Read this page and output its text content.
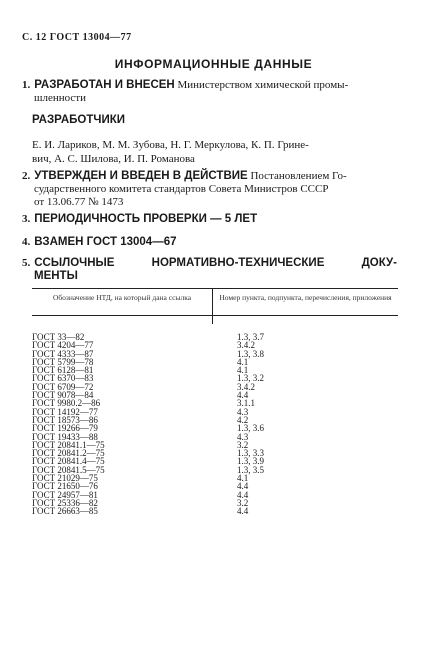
С. 12 ГОСТ 13004—77
ИНФОРМАЦИОННЫЕ ДАННЫЕ
1. РАЗРАБОТАН И ВНЕСЕН Министерством химической промы-
шленности
РАЗРАБОТЧИКИ
Е. И. Лариков, М. М. Зубова, Н. Г. Меркулова, К. П. Грине-
вич, А. С. Шилова, И. П. Романова
2. УТВЕРЖДЕН И ВВЕДЕН В ДЕЙСТВИЕ Постановлением Го-
сударственного комитета стандартов Совета Министров СССР
от 13.06.77 № 1473
3. ПЕРИОДИЧНОСТЬ ПРОВЕРКИ — 5 ЛЕТ
4. ВЗАМЕН ГОСТ 13004—67
5. ССЫЛОЧНЫЕ	НОРМАТИВНО-ТЕХНИЧЕСКИЕ	ДОКУ-
МЕНТЫ
Обозначение НТД, на который дана ссылка	Номер пункта, подпункта, перечисления, приложения
ГОСТ 33—82	1.3, 3.7
ГОСТ 4204—77	3.4.2
ГОСТ 4333—87	1.3, 3.8
ГОСТ 5799—78	4.1
ГОСТ 6128—81	4.1
ГОСТ 6370—83	1.3, 3.2
ГОСТ 6709—72	3.4.2
ГОСТ 9078—84	4.4
ГОСТ 9980.2—86	3.1.1
ГОСТ 14192—77	4.3
ГОСТ 18573—86	4.2
ГОСТ 19266—79	1.3, 3.6
ГОСТ 19433—88	4.3
ГОСТ 20841.1—75	3.2
ГОСТ 20841.2—75	1.3, 3.3
ГОСТ 20841.4—75	1.3, 3.9
ГОСТ 20841.5—75	1.3, 3.5
ГОСТ 21029—75	4.1
ГОСТ 21650—76	4.4
ГОСТ 24957—81	4.4
ГОСТ 25336—82	3.2
ГОСТ 26663—85	4.4
